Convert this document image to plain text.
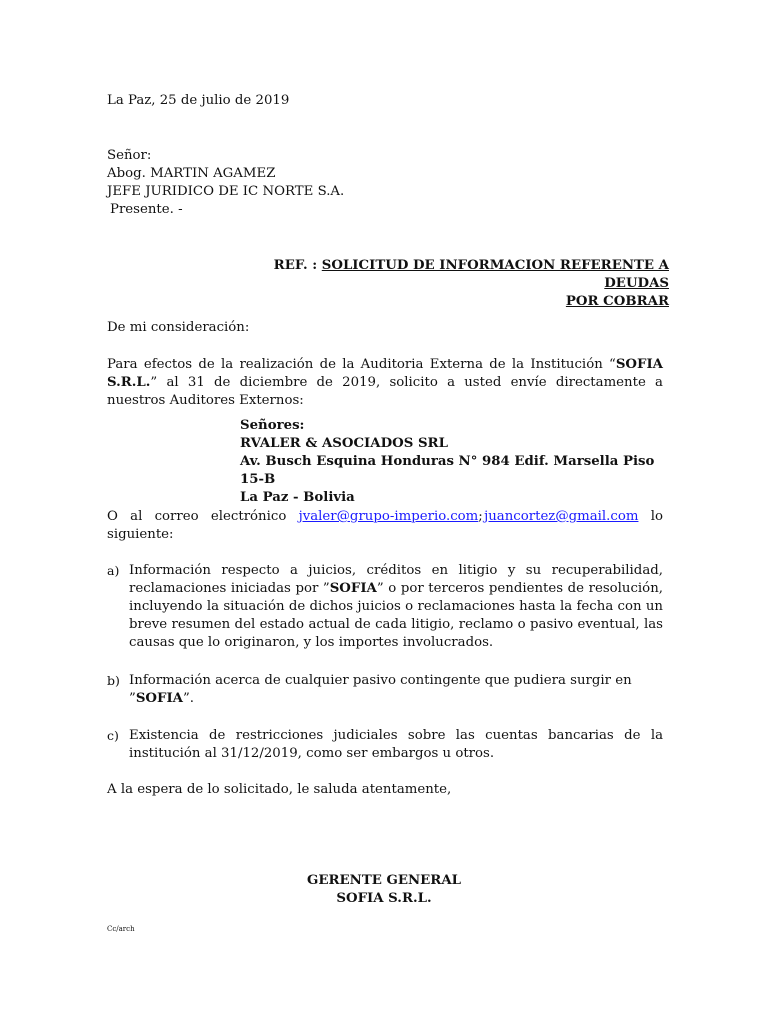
La Paz, 25 de julio de 2019
Señor:
Abog. MARTIN AGAMEZ
JEFE JURIDICO DE IC NORTE S.A.
Presente. -
REF. : SOLICITUD DE INFORMACION REFERENTE A DEUDAS
POR COBRAR
De mi consideración:
Para efectos de la realización de la Auditoria Externa de la Institución “SOFIA S.R.L.” al 31 de diciembre de 2019, solicito a usted envíe directamente a nuestros Auditores Externos:
Señores:
RVALER & ASOCIADOS SRL
Av. Busch Esquina Honduras N° 984 Edif. Marsella Piso 15-B
La Paz - Bolivia
O al correo electrónico jvaler@grupo-imperio.com; juancortez@gmail.com lo
siguiente:
a) Información respecto a juicios, créditos en litigio y su recuperabilidad, reclamaciones iniciadas por ”SOFIA” o por terceros pendientes de resolución, incluyendo la situación de dichos juicios o reclamaciones hasta la fecha con un breve resumen del estado actual de cada litigio, reclamo o pasivo eventual, las causas que lo originaron, y los importes involucrados.
b) Información acerca de cualquier pasivo contingente que pudiera surgir en ”SOFIA”.
c) Existencia de restricciones judiciales sobre las cuentas bancarias de la institución al 31/12/2019, como ser embargos u otros.
A la espera de lo solicitado, le saluda atentamente,
GERENTE GENERAL
SOFIA S.R.L.
Cc/arch
